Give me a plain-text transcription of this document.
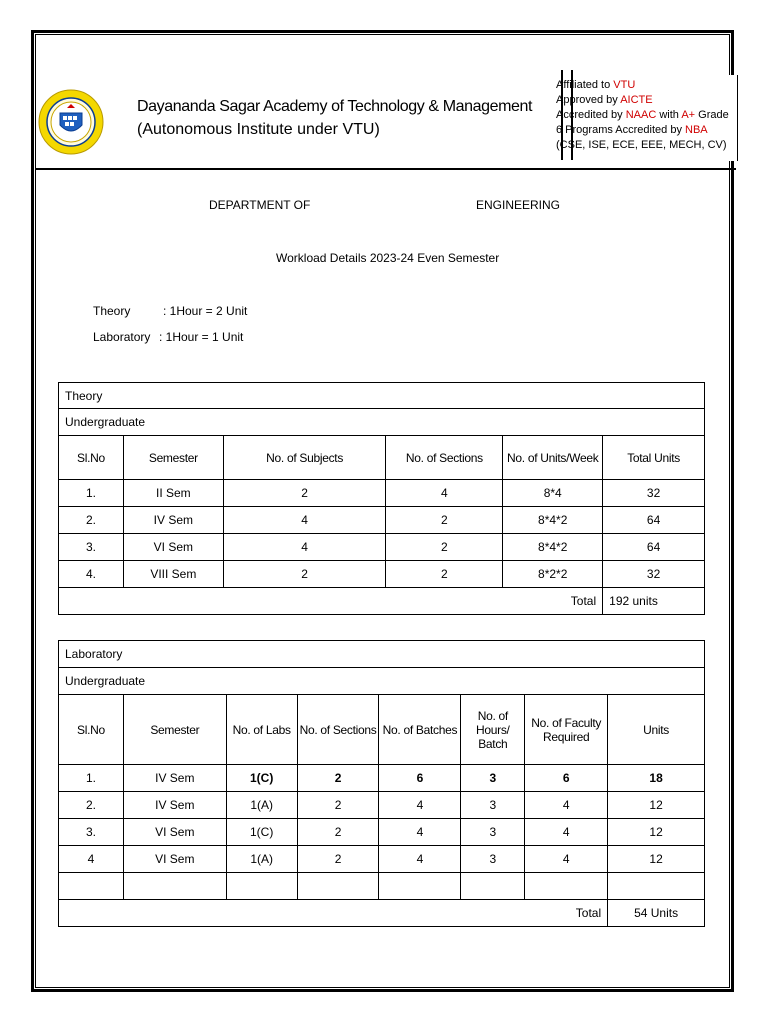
Dayananda Sagar Academy of Technology & Management
(Autonomous Institute under VTU)
Affiliated to VTU
Approved by AICTE
Accredited by NAAC with A+ Grade
6 Programs Accredited by NBA
(CSE, ISE, ECE, EEE, MECH, CV)
DEPARTMENT OF	ENGINEERING
Workload Details 2023-24 Even Semester
Theory	: 1Hour = 2 Unit
Laboratory : 1Hour = 1 Unit
Theory					
Undergraduate					
Sl.No	Semester	No. of Subjects	No. of Sections	No. of Units/Week	Total Units
1.	II Sem	2	4	8*4	32
2.	IV Sem	4	2	8*4*2	64
3.	VI Sem	4	2	8*4*2	64
4.	VIII Sem	2	2	8*2*2	32
Total					192 units
Laboratory							
Undergraduate							
Sl.No	Semester	No. of Labs	No. of Sections	No. of Batches	No. of Hours/ Batch	No. of Faculty Required	Units
1.	IV Sem	1(C)	2	6	3	6	18
2.	IV Sem	1(A)	2	4	3	4	12
3.	VI Sem	1(C)	2	4	3	4	12
4	VI Sem	1(A)	2	4	3	4	12

Total							54 Units
